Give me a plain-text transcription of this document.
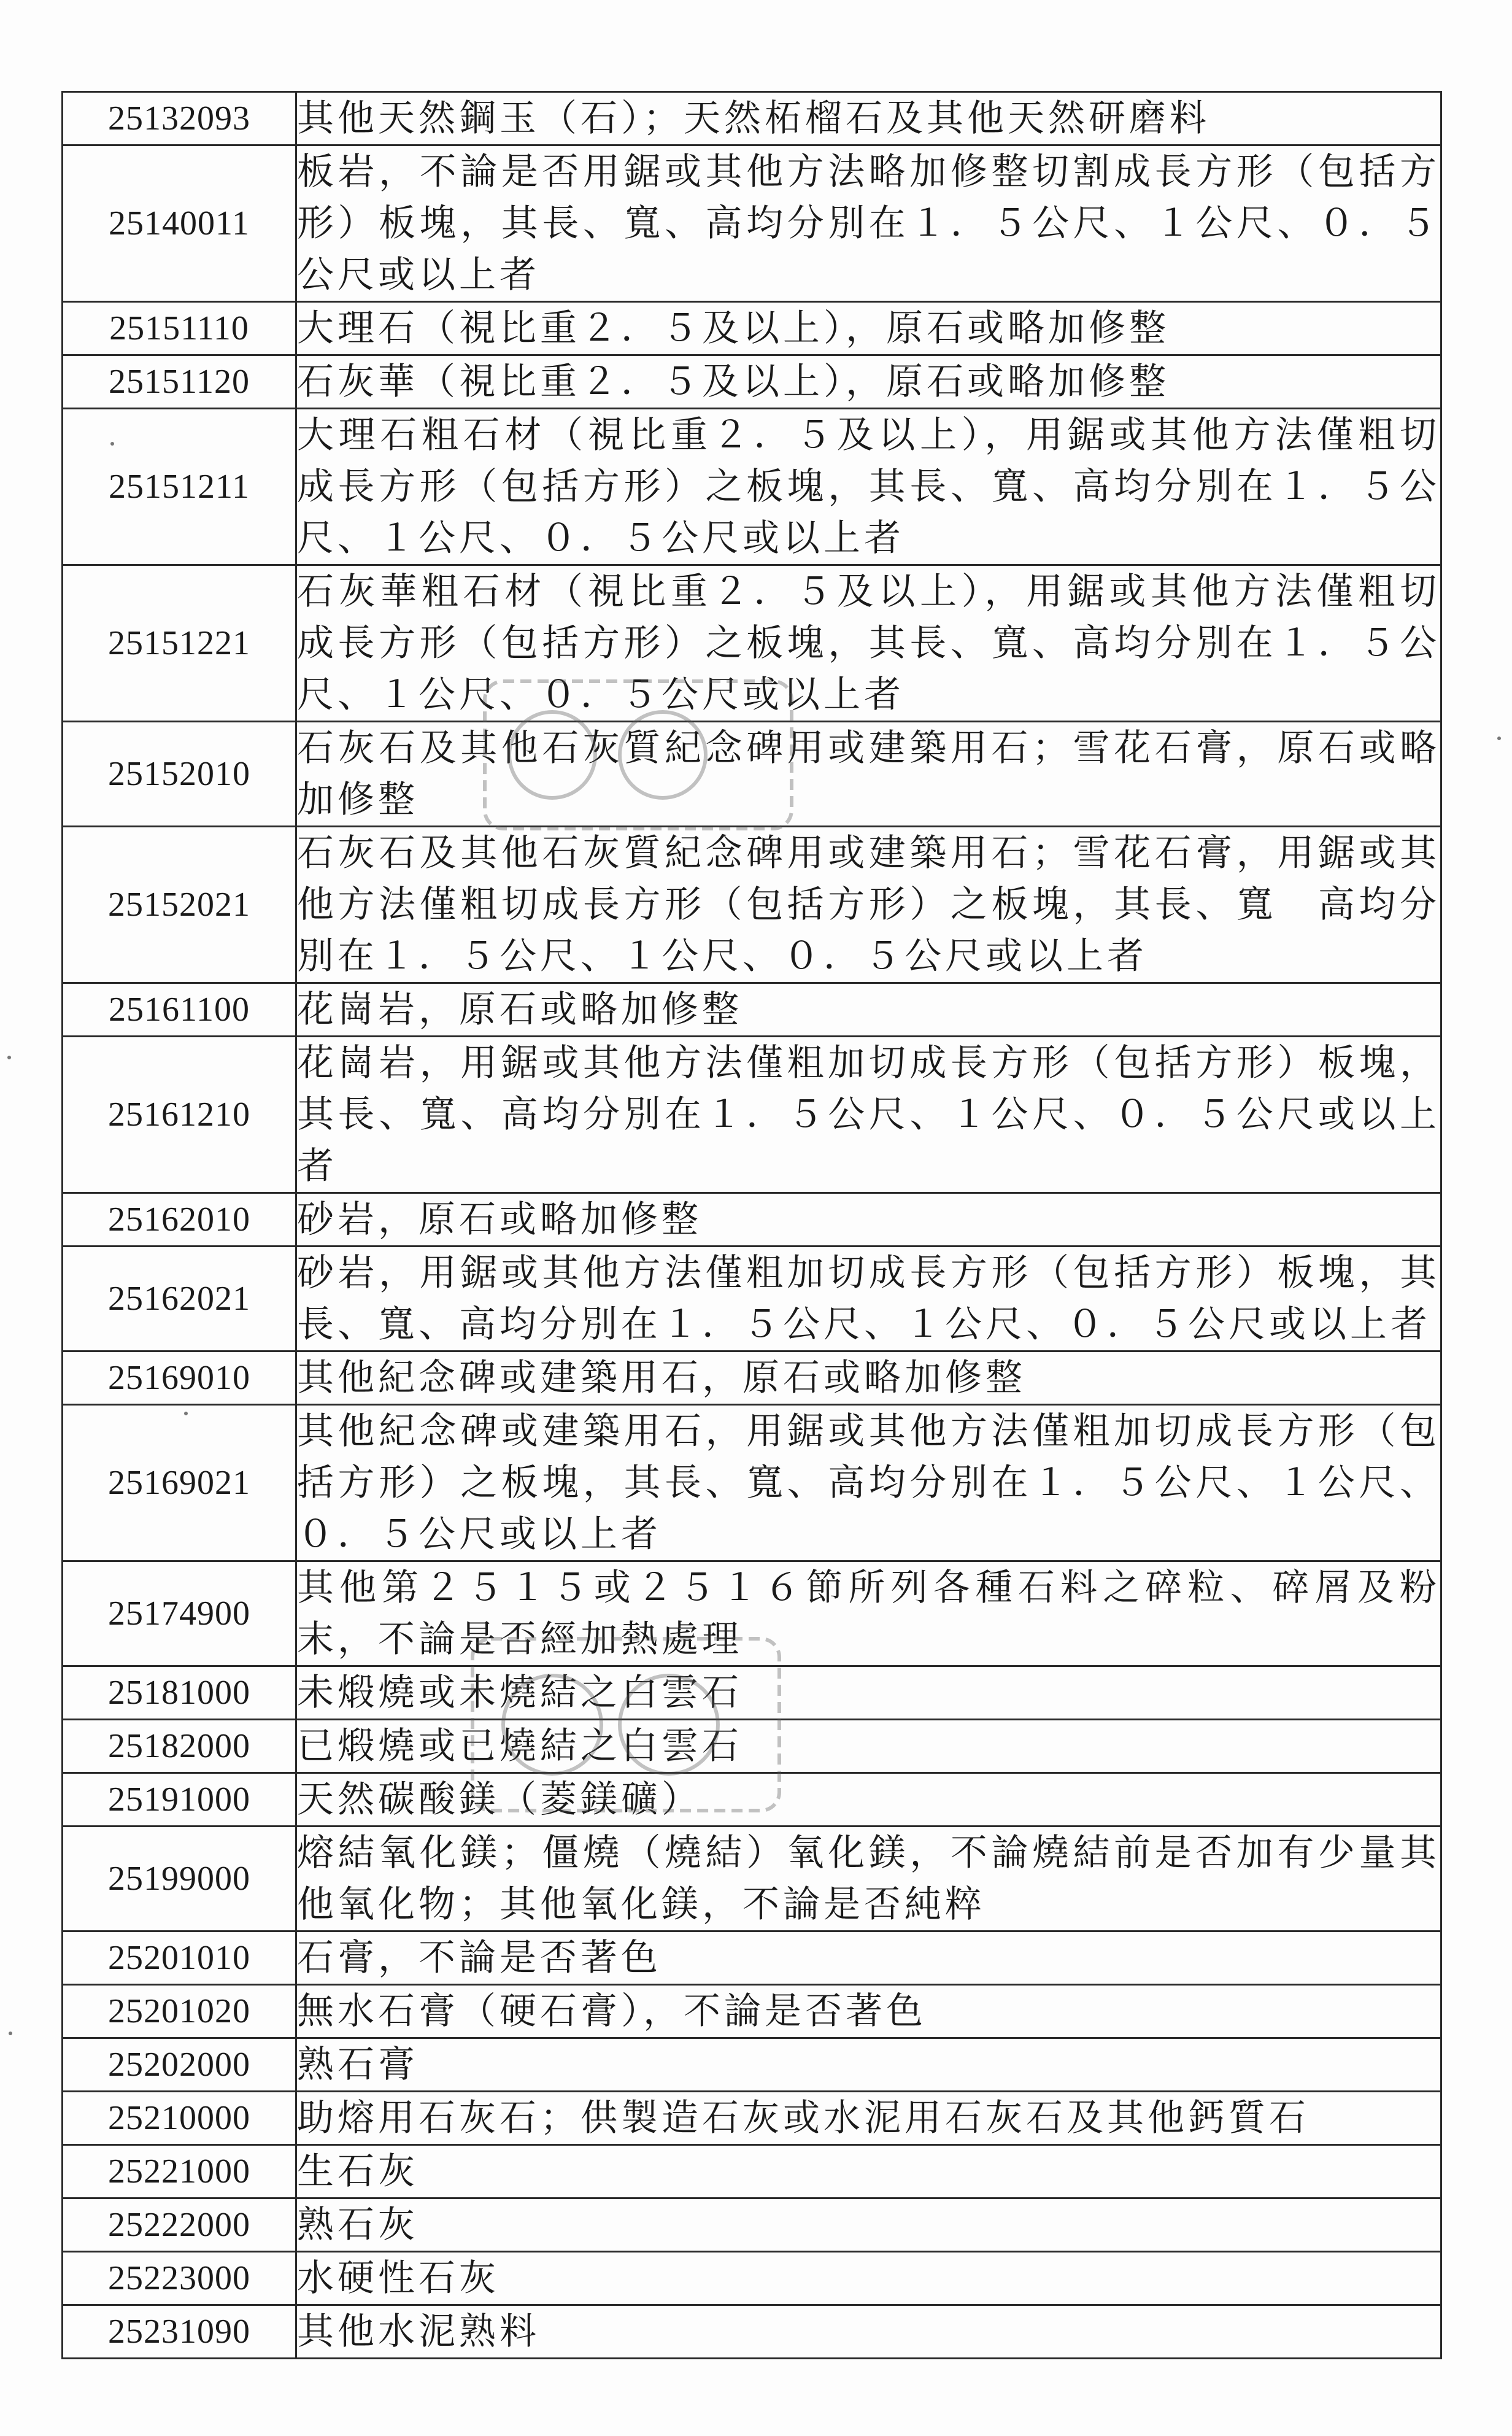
25132093	其他天然鋼玉（石）；天然柘榴石及其他天然研磨料
25140011	板岩，不論是否用鋸或其他方法略加修整切割成長方形（包括方形）板塊，其長、寬、高均分別在１．５公尺、１公尺、０．５公尺或以上者
25151110	大理石（視比重２．５及以上），原石或略加修整
25151120	石灰華（視比重２．５及以上），原石或略加修整
25151211	大理石粗石材（視比重２．５及以上），用鋸或其他方法僅粗切成長方形（包括方形）之板塊，其長、寬、高均分別在１．５公尺、１公尺、０．５公尺或以上者
25151221	石灰華粗石材（視比重２．５及以上），用鋸或其他方法僅粗切成長方形（包括方形）之板塊，其長、寬、高均分別在１．５公尺、１公尺、０．５公尺或以上者
25152010	石灰石及其他石灰質紀念碑用或建築用石；雪花石膏，原石或略加修整
25152021	石灰石及其他石灰質紀念碑用或建築用石；雪花石膏，用鋸或其他方法僅粗切成長方形（包括方形）之板塊，其長、寬　高均分別在１．５公尺、１公尺、０．５公尺或以上者
25161100	花崗岩，原石或略加修整
25161210	花崗岩，用鋸或其他方法僅粗加切成長方形（包括方形）板塊，其長、寬、高均分別在１．５公尺、１公尺、０．５公尺或以上者
25162010	砂岩，原石或略加修整
25162021	砂岩，用鋸或其他方法僅粗加切成長方形（包括方形）板塊，其長、寬、高均分別在１．５公尺、１公尺、０．５公尺或以上者
25169010	其他紀念碑或建築用石，原石或略加修整
25169021	其他紀念碑或建築用石，用鋸或其他方法僅粗加切成長方形（包括方形）之板塊，其長、寬、高均分別在１．５公尺、１公尺、０．５公尺或以上者
25174900	其他第２５１５或２５１６節所列各種石料之碎粒、碎屑及粉末，不論是否經加熱處理
25181000	未煅燒或未燒結之白雲石
25182000	已煅燒或已燒結之白雲石
25191000	天然碳酸鎂（菱鎂礦）
25199000	熔結氧化鎂；僵燒（燒結）氧化鎂，不論燒結前是否加有少量其他氧化物；其他氧化鎂，不論是否純粹
25201010	石膏，不論是否著色
25201020	無水石膏（硬石膏），不論是否著色
25202000	熟石膏
25210000	助熔用石灰石；供製造石灰或水泥用石灰石及其他鈣質石
25221000	生石灰
25222000	熟石灰
25223000	水硬性石灰
25231090	其他水泥熟料
